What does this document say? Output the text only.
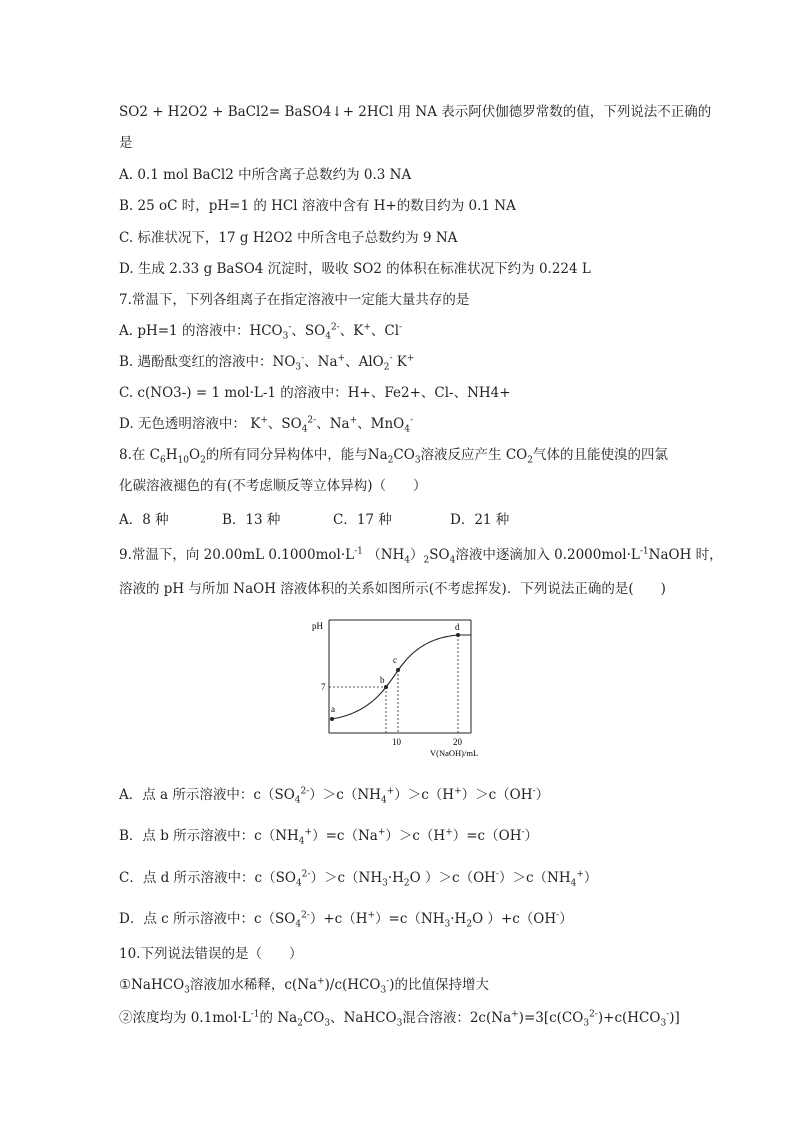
SO2 + H2O2 + BaCl2= BaSO4↓+ 2HCl 用 NA 表示阿伏伽德罗常数的值，下列说法不正确的
是
A. 0.1 mol BaCl2 中所含离子总数约为 0.3 NA
B. 25 oC 时，pH=1 的 HCl 溶液中含有 H+的数目约为 0.1 NA
C. 标准状况下，17 g H2O2 中所含电子总数约为 9 NA
D. 生成 2.33 g BaSO4 沉淀时，吸收 SO2 的体积在标准状况下约为 0.224 L
7.常温下，下列各组离子在指定溶液中一定能大量共存的是
A. pH=1 的溶液中：$HCO_3^-$、$SO_4^{2-}$、K+、Cl-
B. 遇酚酞变红的溶液中：$NO_3^-$、Na+、AlO$_2$- K+
C. c(NO3-) = 1 mol·L-1 的溶液中：H+、Fe2+、Cl-、NH4+
D. 无色透明溶液中： K+、$SO_4^{2-}$、Na+、MnO$_4$-
8.在 $C_6H_{10}O_2$的所有同分异构体中，能与$Na_2CO_3$溶液反应产生 $CO_2$气体的且能使溴的四氯
化碳溶液褪色的有(不考虑顺反等立体异构)（　　）
A．8 种	B．13 种	C．17 种	D．21 种
9.常温下，向 20.00mL $0.1000mol\cdot L^{-1}$ $(NH_4)_2SO_4$溶液中逐滴加入 $0.2000mol\cdot L^{-1}NaOH$ 时，
溶液的 pH 与所加 NaOH 溶液体积的关系如图所示(不考虑挥发)．下列说法正确的是(　　)
pH
7
10	20
V(NaOH)/mL
a
b
c
d
A．点 a 所示溶液中：$c(SO_4^{2-})>c(NH_4^+)>c(H^+)>c(OH^-)$
B．点 b 所示溶液中：$c(NH_4^+)=c(Na^+)>c(H^+)=c(OH^-)$
C．点 d 所示溶液中：$c(SO_4^{2-})>c(NH_3\cdot H_2O$ ）$>c(OH^-)>c(NH_4^+)$
D．点 c 所示溶液中：$c(SO_4^{2-})+c(H^+)=c(NH_3\cdot H_2O$ ）+c（OH-）
10.下列说法错误的是（　　）
①NaHCO$_3$溶液加水稀释，$c(Na^+)/c(HCO_3^-)$的比值保持增大
②浓度均为 $0.1mol\cdot L^{-1}$的 $Na_2CO_3$、NaHCO$_3$混合溶液：$2c(Na^+)=3[c(CO_3^{2-})+c(HCO_3^-)]$
